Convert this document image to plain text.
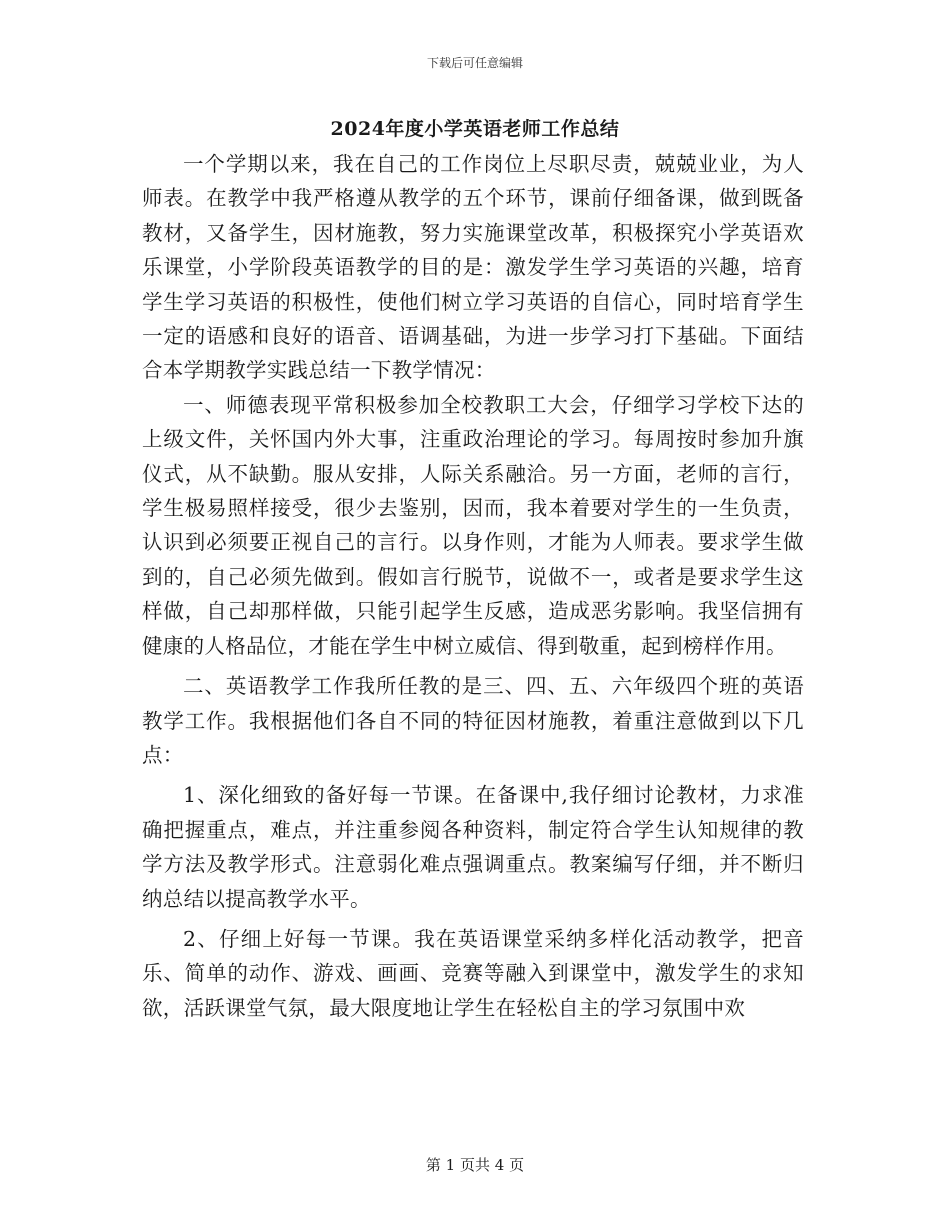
下载后可任意编辑
2024年度小学英语老师工作总结

一个学期以来，我在自己的工作岗位上尽职尽责，兢兢业业，为人师表。在教学中我严格遵从教学的五个环节，课前仔细备课，做到既备教材，又备学生，因材施教，努力实施课堂改革，积极探究小学英语欢乐课堂，小学阶段英语教学的目的是：激发学生学习英语的兴趣，培育学生学习英语的积极性，使他们树立学习英语的自信心，同时培育学生一定的语感和良好的语音、语调基础，为进一步学习打下基础。下面结合本学期教学实践总结一下教学情况：

一、师德表现平常积极参加全校教职工大会，仔细学习学校下达的上级文件，关怀国内外大事，注重政治理论的学习。每周按时参加升旗仪式，从不缺勤。服从安排，人际关系融洽。另一方面，老师的言行，学生极易照样接受，很少去鉴别，因而，我本着要对学生的一生负责，认识到必须要正视自己的言行。以身作则，才能为人师表。要求学生做到的，自己必须先做到。假如言行脱节，说做不一，或者是要求学生这样做，自己却那样做，只能引起学生反感，造成恶劣影响。我坚信拥有健康的人格品位，才能在学生中树立威信、得到敬重，起到榜样作用。

二、英语教学工作我所任教的是三、四、五、六年级四个班的英语教学工作。我根据他们各自不同的特征因材施教，着重注意做到以下几点：

1、深化细致的备好每一节课。在备课中,我仔细讨论教材，力求准确把握重点，难点，并注重参阅各种资料，制定符合学生认知规律的教学方法及教学形式。注意弱化难点强调重点。教案编写仔细，并不断归纳总结以提高教学水平。

2、仔细上好每一节课。我在英语课堂采纳多样化活动教学，把音乐、简单的动作、游戏、画画、竞赛等融入到课堂中，激发学生的求知欲，活跃课堂气氛，最大限度地让学生在轻松自主的学习氛围中欢

第 1 页共 4 页
